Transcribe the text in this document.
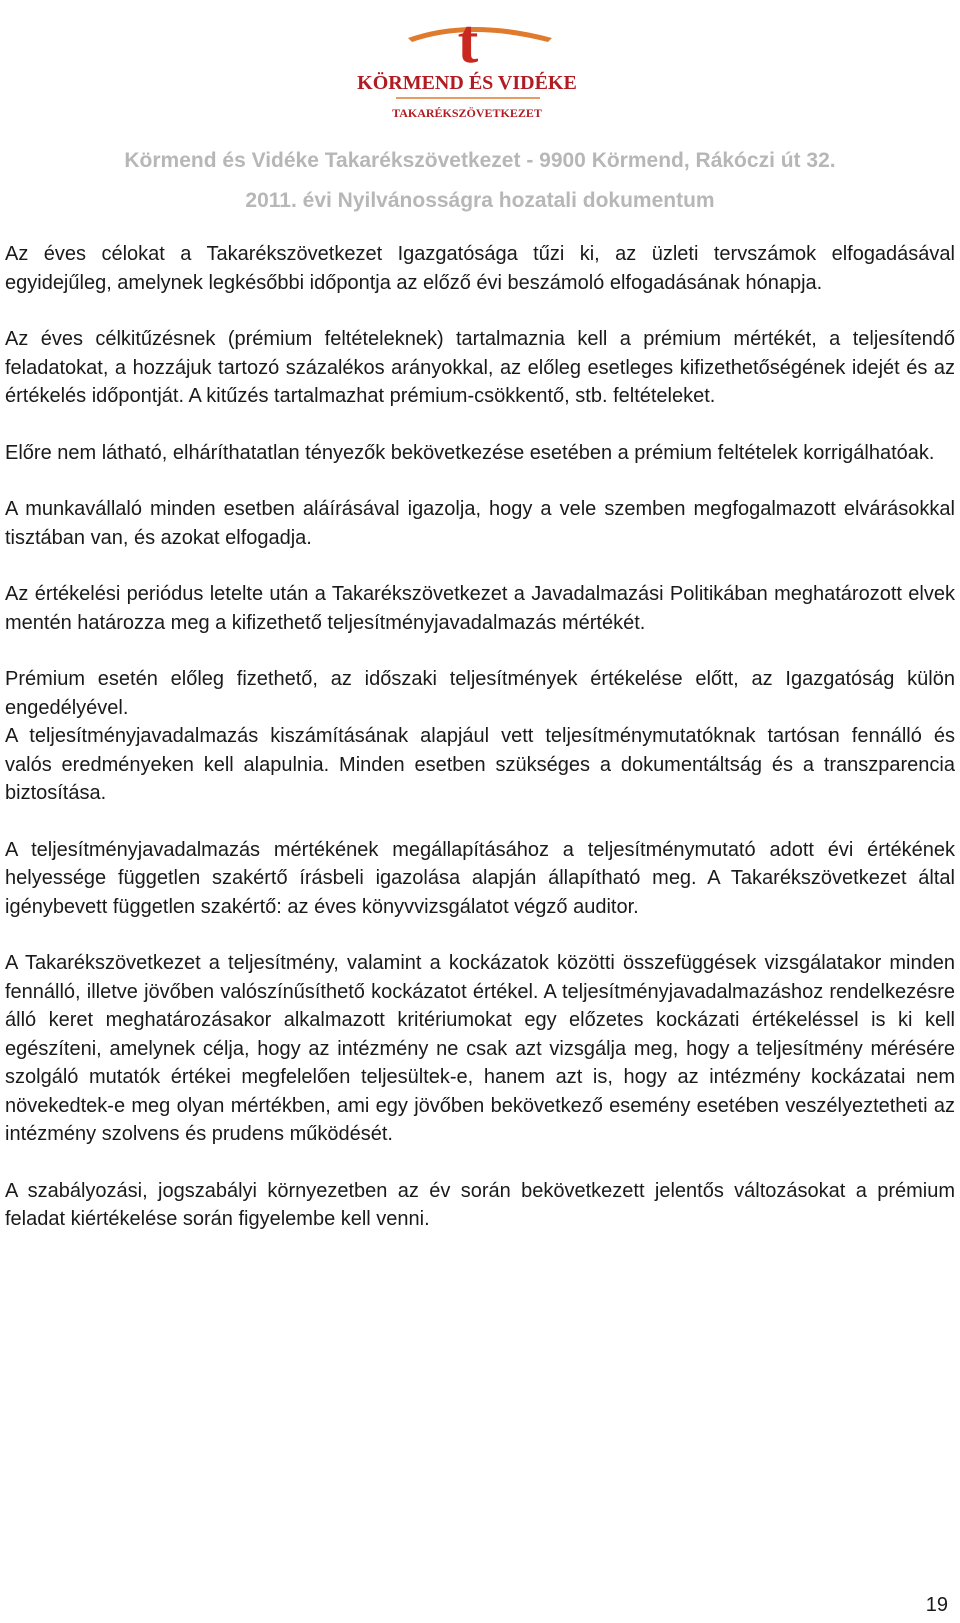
t
KÖRMEND ÉS VIDÉKE
TAKARÉKSZÖVETKEZET

Körmend és Vidéke Takarékszövetkezet - 9900 Körmend, Rákóczi út 32.

2011. évi Nyilvánosságra hozatali dokumentum

Az éves célokat a Takarékszövetkezet Igazgatósága tűzi ki, az üzleti tervszámok elfogadásával egyidejűleg, amelynek legkésőbbi időpontja az előző évi beszámoló elfogadásának hónapja.

Az éves célkitűzésnek (prémium feltételeknek) tartalmaznia kell a prémium mértékét, a teljesítendő feladatokat, a hozzájuk tartozó százalékos arányokkal, az előleg esetleges kifizethetőségének idejét és az értékelés időpontját. A kitűzés tartalmazhat prémium-csökkentő, stb. feltételeket.

Előre nem látható, elháríthatatlan tényezők bekövetkezése esetében a prémium feltételek korrigálhatóak.

A munkavállaló minden esetben aláírásával igazolja, hogy a vele szemben megfogalmazott elvárásokkal tisztában van, és azokat elfogadja.

Az értékelési periódus letelte után a Takarékszövetkezet a Javadalmazási Politikában meghatározott elvek mentén határozza meg a kifizethető teljesítményjavadalmazás mértékét.

Prémium esetén előleg fizethető, az időszaki teljesítmények értékelése előtt, az Igazgatóság külön engedélyével.

A teljesítményjavadalmazás kiszámításának alapjául vett teljesítménymutatóknak tartósan fennálló és valós eredményeken kell alapulnia. Minden esetben szükséges a dokumentáltság és a transzparencia biztosítása.

A teljesítményjavadalmazás mértékének megállapításához a teljesítménymutató adott évi értékének helyessége független szakértő írásbeli igazolása alapján állapítható meg. A Takarékszövetkezet által igénybevett független szakértő: az éves könyvvizsgálatot végző auditor.

A Takarékszövetkezet a teljesítmény, valamint a kockázatok közötti összefüggések vizsgálatakor minden fennálló, illetve jövőben valószínűsíthető kockázatot értékel. A teljesítményjavadalmazáshoz rendelkezésre álló keret meghatározásakor alkalmazott kritériumokat egy előzetes kockázati értékeléssel is ki kell egészíteni, amelynek célja, hogy az intézmény ne csak azt vizsgálja meg, hogy a teljesítmény mérésére szolgáló mutatók értékei megfelelően teljesültek-e, hanem azt is, hogy az intézmény kockázatai nem növekedtek-e meg olyan mértékben, ami egy jövőben bekövetkező esemény esetében veszélyeztetheti az intézmény szolvens és prudens működését.

A szabályozási, jogszabályi környezetben az év során bekövetkezett jelentős változásokat a prémium feladat kiértékelése során figyelembe kell venni.

19
